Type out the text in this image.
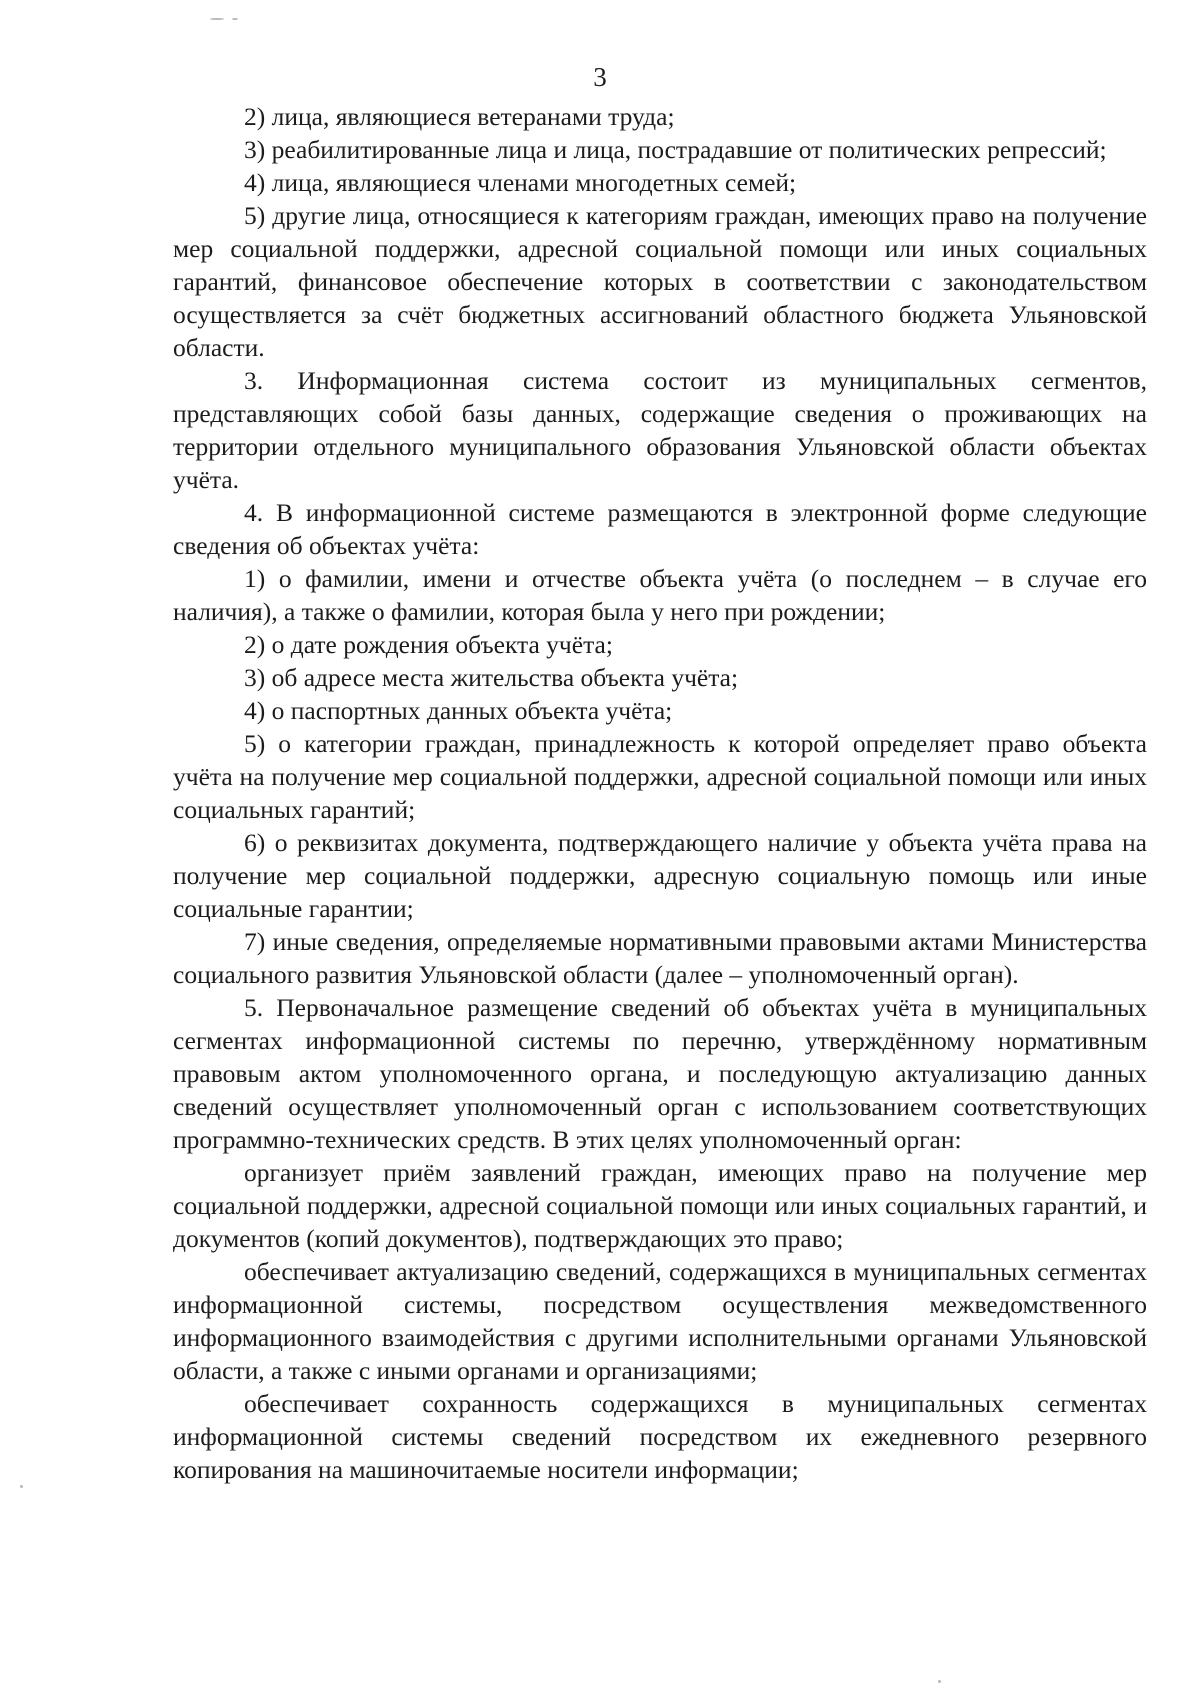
3

2) лица, являющиеся ветеранами труда;

3) реабилитированные лица и лица, пострадавшие от политических репрессий;

4) лица, являющиеся членами многодетных семей;

5) другие лица, относящиеся к категориям граждан, имеющих право на получение мер социальной поддержки, адресной социальной помощи или иных социальных гарантий, финансовое обеспечение которых в соответствии с законодательством осуществляется за счёт бюджетных ассигнований областного бюджета Ульяновской области.

3. Информационная система состоит из муниципальных сегментов, представляющих собой базы данных, содержащие сведения о проживающих на территории отдельного муниципального образования Ульяновской области объектах учёта.

4. В информационной системе размещаются в электронной форме следующие сведения об объектах учёта:

1) о фамилии, имени и отчестве объекта учёта (о последнем – в случае его наличия), а также о фамилии, которая была у него при рождении;

2) о дате рождения объекта учёта;

3) об адресе места жительства объекта учёта;

4) о паспортных данных объекта учёта;

5) о категории граждан, принадлежность к которой определяет право объекта учёта на получение мер социальной поддержки, адресной социальной помощи или иных социальных гарантий;

6) о реквизитах документа, подтверждающего наличие у объекта учёта права на получение мер социальной поддержки, адресную социальную помощь или иные социальные гарантии;

7) иные сведения, определяемые нормативными правовыми актами Министерства социального развития Ульяновской области (далее – уполномоченный орган).

5. Первоначальное размещение сведений об объектах учёта в муниципальных сегментах информационной системы по перечню, утверждённому нормативным правовым актом уполномоченного органа, и последующую актуализацию данных сведений осуществляет уполномоченный орган с использованием соответствующих программно-технических средств. В этих целях уполномоченный орган:

организует приём заявлений граждан, имеющих право на получение мер социальной поддержки, адресной социальной помощи или иных социальных гарантий, и документов (копий документов), подтверждающих это право;

обеспечивает актуализацию сведений, содержащихся в муниципальных сегментах информационной системы, посредством осуществления межведомственного информационного взаимодействия с другими исполнительными органами Ульяновской области, а также с иными органами и организациями;

обеспечивает сохранность содержащихся в муниципальных сегментах информационной системы сведений посредством их ежедневного резервного копирования на машиночитаемые носители информации;
